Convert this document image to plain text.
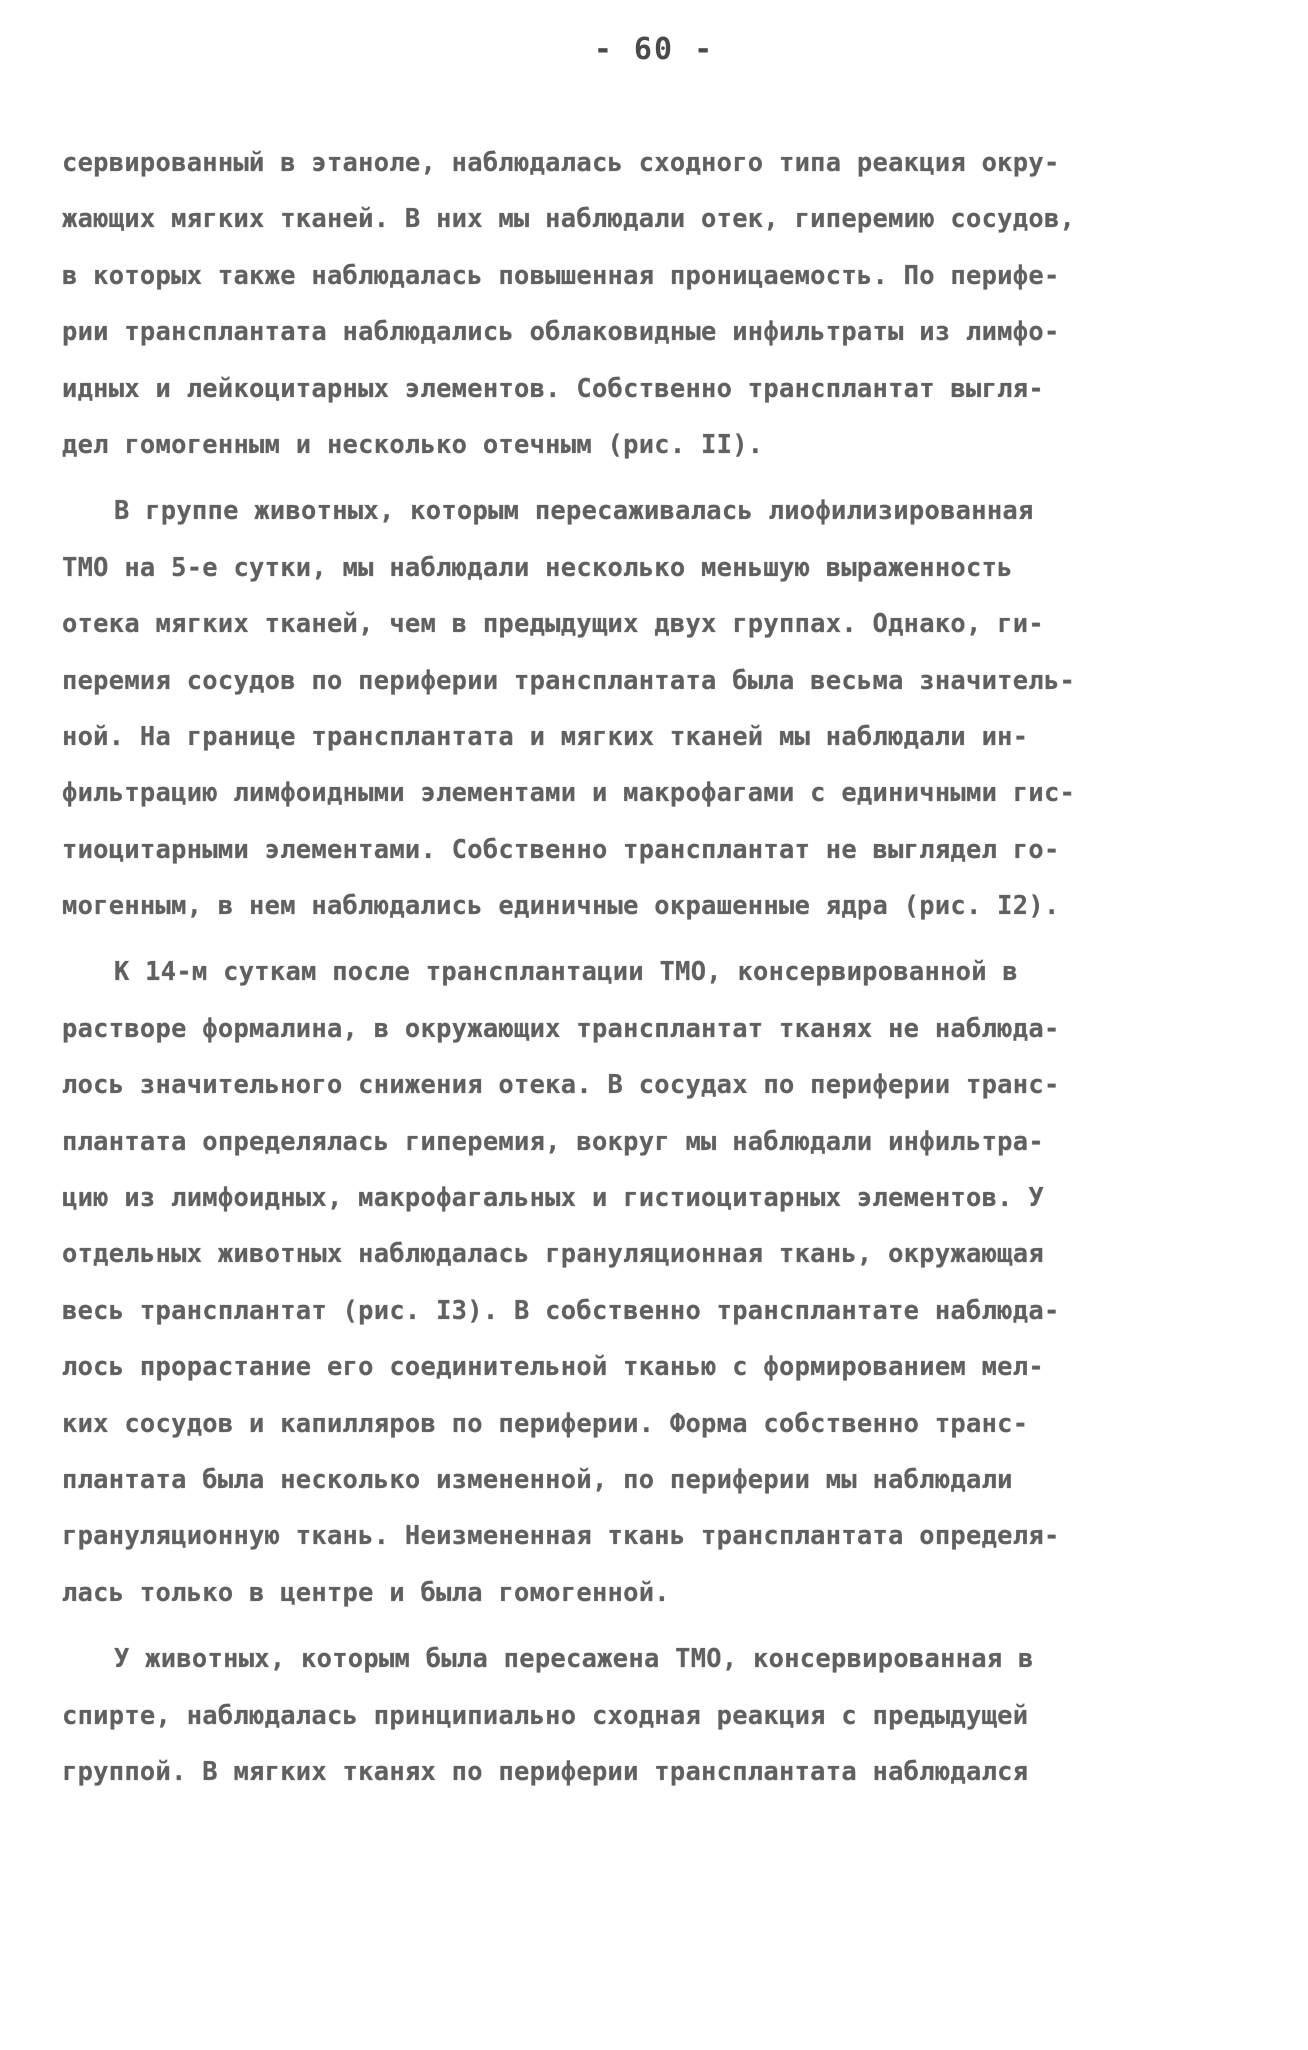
- 60 -
сервированный в этаноле, наблюдалась сходного типа реакция окру-
жающих мягких тканей. В них мы наблюдали отек, гиперемию сосудов,
в которых также наблюдалась повышенная проницаемость. По перифе-
рии трансплантата наблюдались облаковидные инфильтраты из лимфо-
идных и лейкоцитарных элементов. Собственно трансплантат выгля-
дел гомогенным и несколько отечным (рис. II).
В группе животных, которым пересаживалась лиофилизированная
ТМО на 5-е сутки, мы наблюдали несколько меньшую выраженность
отека мягких тканей, чем в предыдущих двух группах. Однако, ги-
перемия сосудов по периферии трансплантата была весьма значитель-
ной. На границе трансплантата и мягких тканей мы наблюдали ин-
фильтрацию лимфоидными элементами и макрофагами с единичными гис-
тиоцитарными элементами. Собственно трансплантат не выглядел го-
могенным, в нем наблюдались единичные окрашенные ядра (рис. I2).
К 14-м суткам после трансплантации ТМО, консервированной в
растворе формалина, в окружающих трансплантат тканях не наблюда-
лось значительного снижения отека. В сосудах по периферии транс-
плантата определялась гиперемия, вокруг мы наблюдали инфильтра-
цию из лимфоидных, макрофагальных и гистиоцитарных элементов. У
отдельных животных наблюдалась грануляционная ткань, окружающая
весь трансплантат (рис. I3). В собственно трансплантате наблюда-
лось прорастание его соединительной тканью с формированием мел-
ких сосудов и капилляров по периферии. Форма собственно транс-
плантата была несколько измененной, по периферии мы наблюдали
грануляционную ткань. Неизмененная ткань трансплантата определя-
лась только в центре и была гомогенной.
У животных, которым была пересажена ТМО, консервированная в
спирте, наблюдалась принципиально сходная реакция с предыдущей
группой. В мягких тканях по периферии трансплантата наблюдался
